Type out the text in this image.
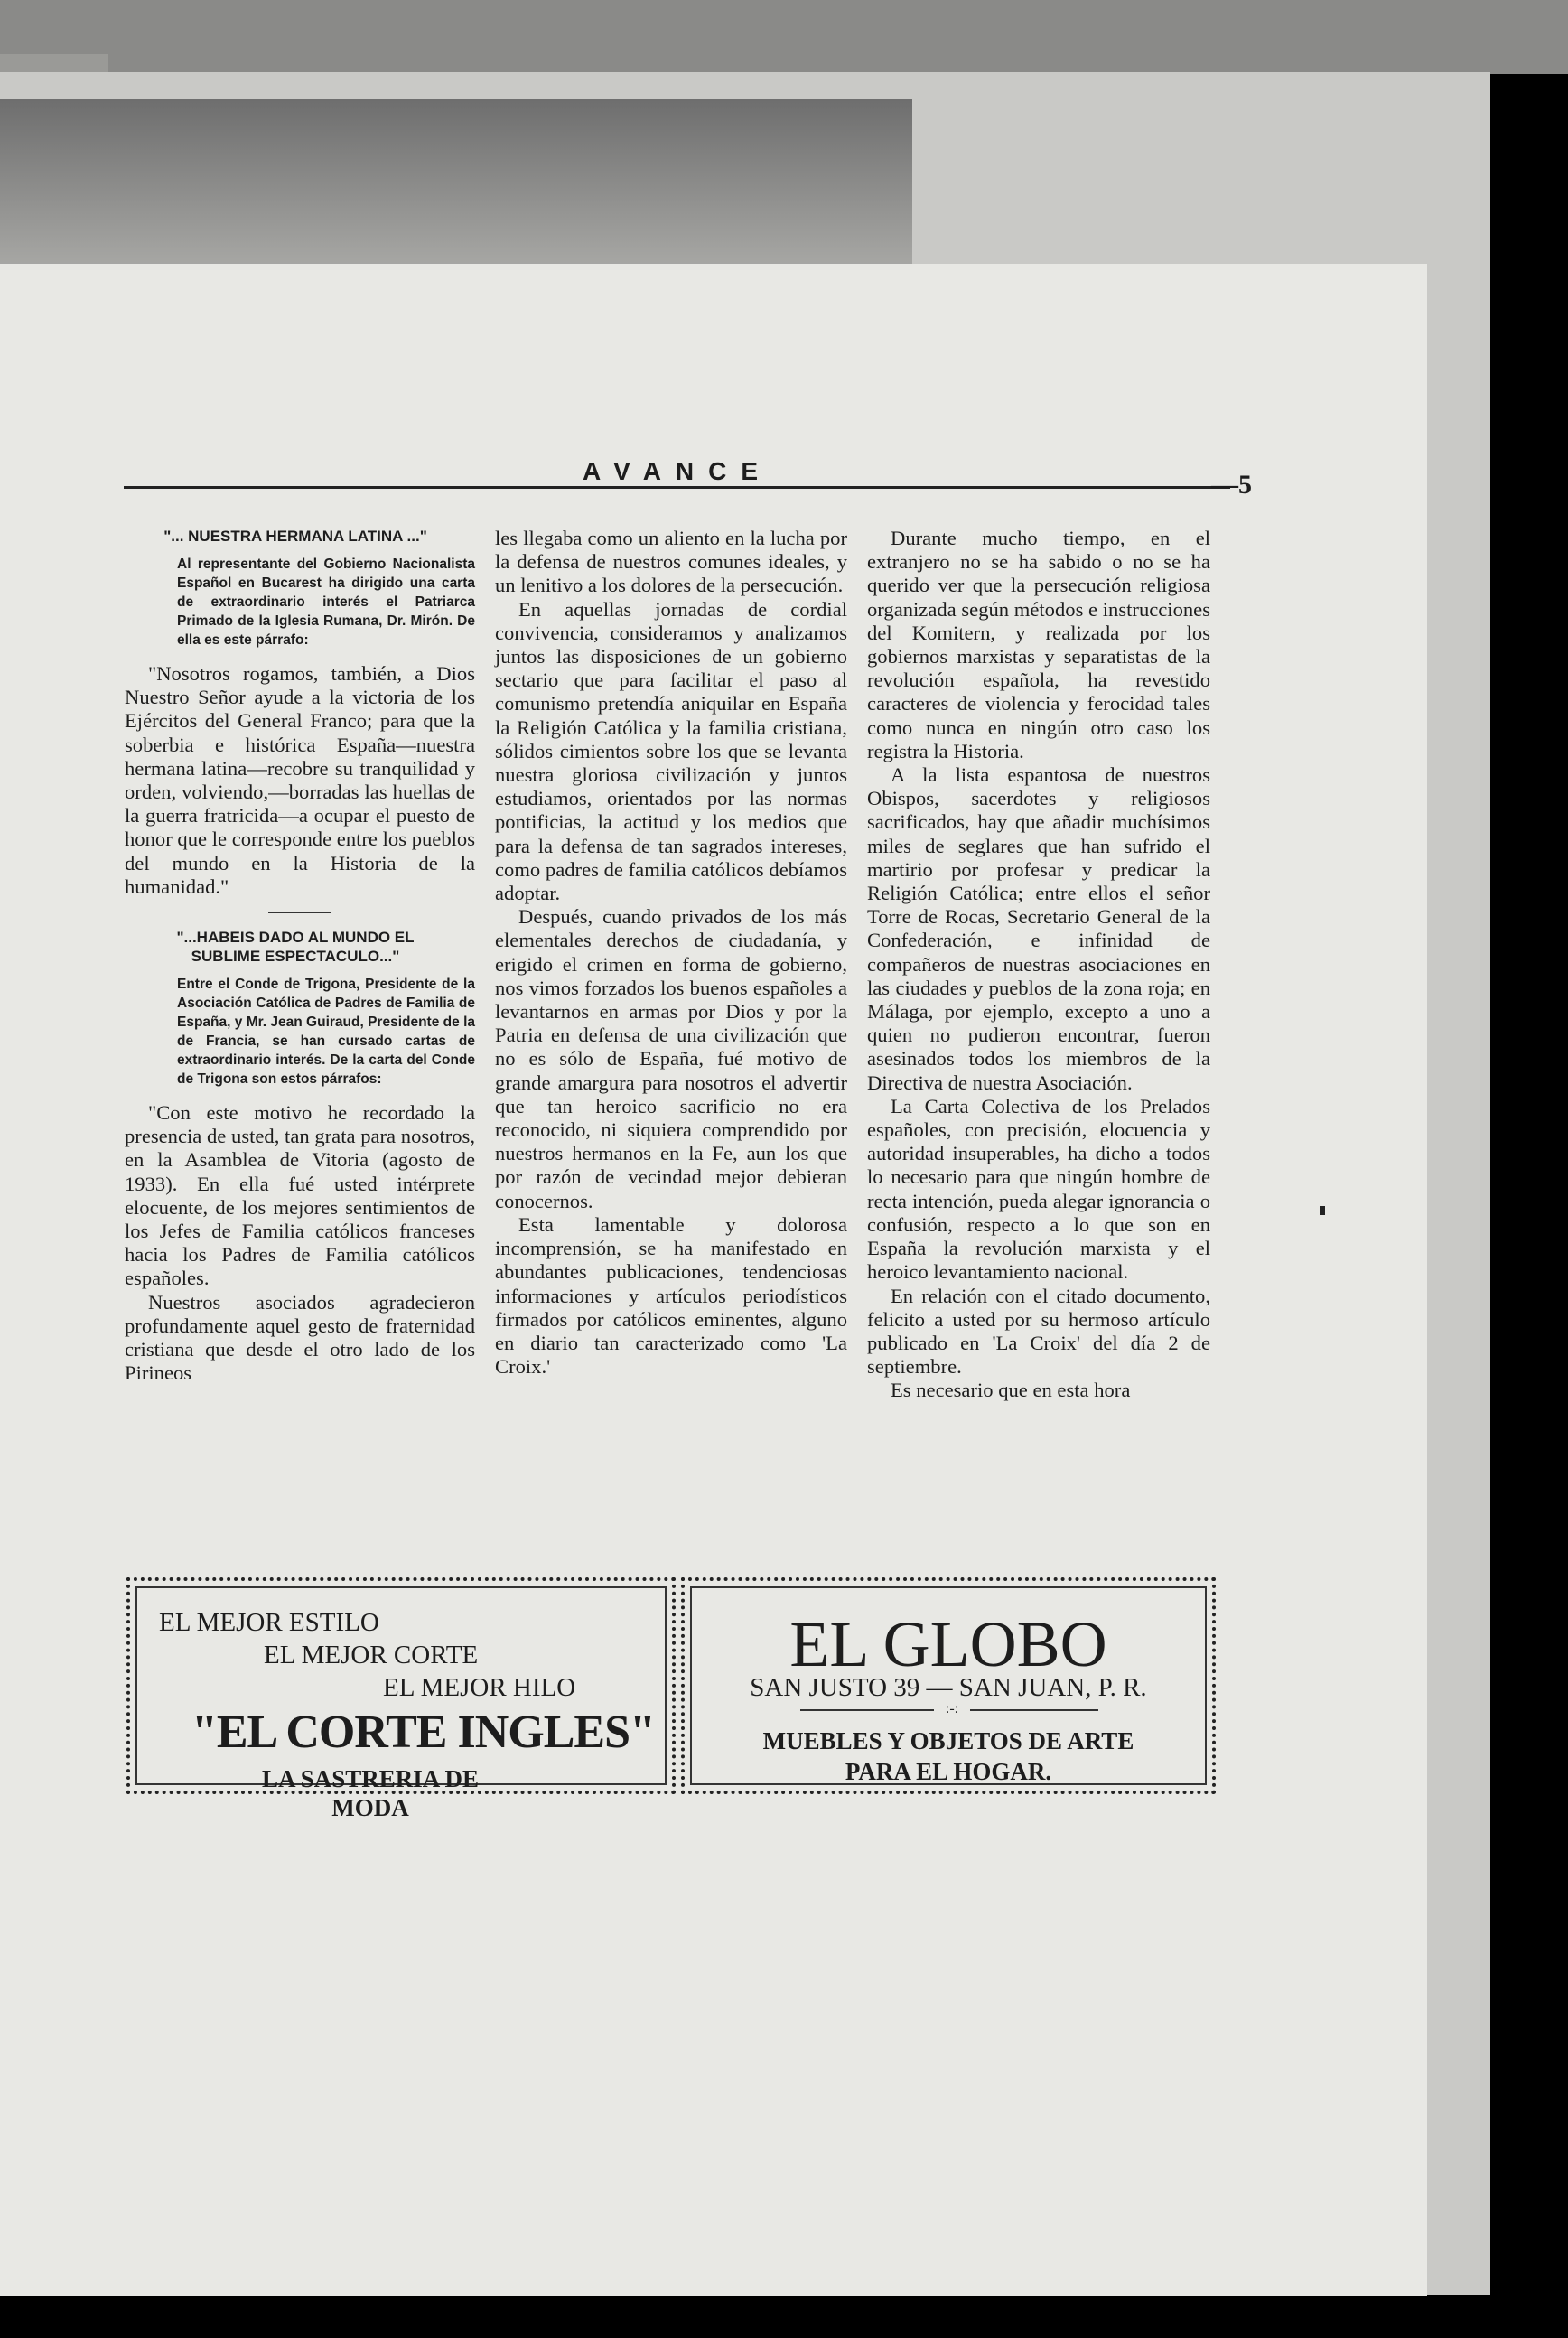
AVANCE	—5
"... NUESTRA HERMANA LATINA ..."
Al representante del Gobierno Nacionalista Español en Bucarest ha dirigido una carta de extraordinario interés el Patriarca Primado de la Iglesia Rumana, Dr. Mirón. De ella es este párrafo:

"Nosotros rogamos, también, a Dios Nuestro Señor ayude a la victoria de los Ejércitos del General Franco; para que la soberbia e histórica España—nuestra hermana latina—recobre su tranquilidad y orden, volviendo,—borradas las huellas de la guerra fratricida—a ocupar el puesto de honor que le corresponde entre los pueblos del mundo en la Historia de la humanidad."

"...HABEIS DADO AL MUNDO EL SUBLIME ESPECTACULO..."
Entre el Conde de Trigona, Presidente de la Asociación Católica de Padres de Familia de España, y Mr. Jean Guiraud, Presidente de la de Francia, se han cursado cartas de extraordinario interés. De la carta del Conde de Trigona son estos párrafos:

"Con este motivo he recordado la presencia de usted, tan grata para nosotros, en la Asamblea de Vitoria (agosto de 1933). En ella fué usted intérprete elocuente, de los mejores sentimientos de los Jefes de Familia católicos franceses hacia los Padres de Familia católicos españoles.

Nuestros asociados agradecieron profundamente aquel gesto de fraternidad cristiana que desde el otro lado de los Pirineos

les llegaba como un aliento en la lucha por la defensa de nuestros comunes ideales, y un lenitivo a los dolores de la persecución.

En aquellas jornadas de cordial convivencia, consideramos y analizamos juntos las disposiciones de un gobierno sectario que para facilitar el paso al comunismo pretendía aniquilar en España la Religión Católica y la familia cristiana, sólidos cimientos sobre los que se levanta nuestra gloriosa civilización y juntos estudiamos, orientados por las normas pontificias, la actitud y los medios que para la defensa de tan sagrados intereses, como padres de familia católicos debíamos adoptar.

Después, cuando privados de los más elementales derechos de ciudadanía, y erigido el crimen en forma de gobierno, nos vimos forzados los buenos españoles a levantarnos en armas por Dios y por la Patria en defensa de una civilización que no es sólo de España, fué motivo de grande amargura para nosotros el advertir que tan heroico sacrificio no era reconocido, ni siquiera comprendido por nuestros hermanos en la Fe, aun los que por razón de vecindad mejor debieran conocernos.

Esta lamentable y dolorosa incomprensión, se ha manifestado en abundantes publicaciones, tendenciosas informaciones y artículos periodísticos firmados por católicos eminentes, alguno en diario tan caracterizado como 'La Croix.'

Durante mucho tiempo, en el extranjero no se ha sabido o no se ha querido ver que la persecución religiosa organizada según métodos e instrucciones del Komitern, y realizada por los gobiernos marxistas y separatistas de la revolución española, ha revestido caracteres de violencia y ferocidad tales como nunca en ningún otro caso los registra la Historia.

A la lista espantosa de nuestros Obispos, sacerdotes y religiosos sacrificados, hay que añadir muchísimos miles de seglares que han sufrido el martirio por profesar y predicar la Religión Católica; entre ellos el señor Torre de Rocas, Secretario General de la Confederación, e infinidad de compañeros de nuestras asociaciones en las ciudades y pueblos de la zona roja; en Málaga, por ejemplo, excepto a uno a quien no pudieron encontrar, fueron asesinados todos los miembros de la Directiva de nuestra Asociación.

La Carta Colectiva de los Prelados españoles, con precisión, elocuencia y autoridad insuperables, ha dicho a todos lo necesario para que ningún hombre de recta intención, pueda alegar ignorancia o confusión, respecto a lo que son en España la revolución marxista y el heroico levantamiento nacional.

En relación con el citado documento, felicito a usted por su hermoso artículo publicado en 'La Croix' del día 2 de septiembre.

Es necesario que en esta hora

EL MEJOR ESTILO
EL MEJOR CORTE
EL MEJOR HILO
"EL CORTE INGLES"
LA SASTRERIA DE
MODA
EL GLOBO
SAN JUSTO 39 — SAN JUAN, P. R.
:-:
MUEBLES Y OBJETOS DE ARTE
PARA EL HOGAR.
